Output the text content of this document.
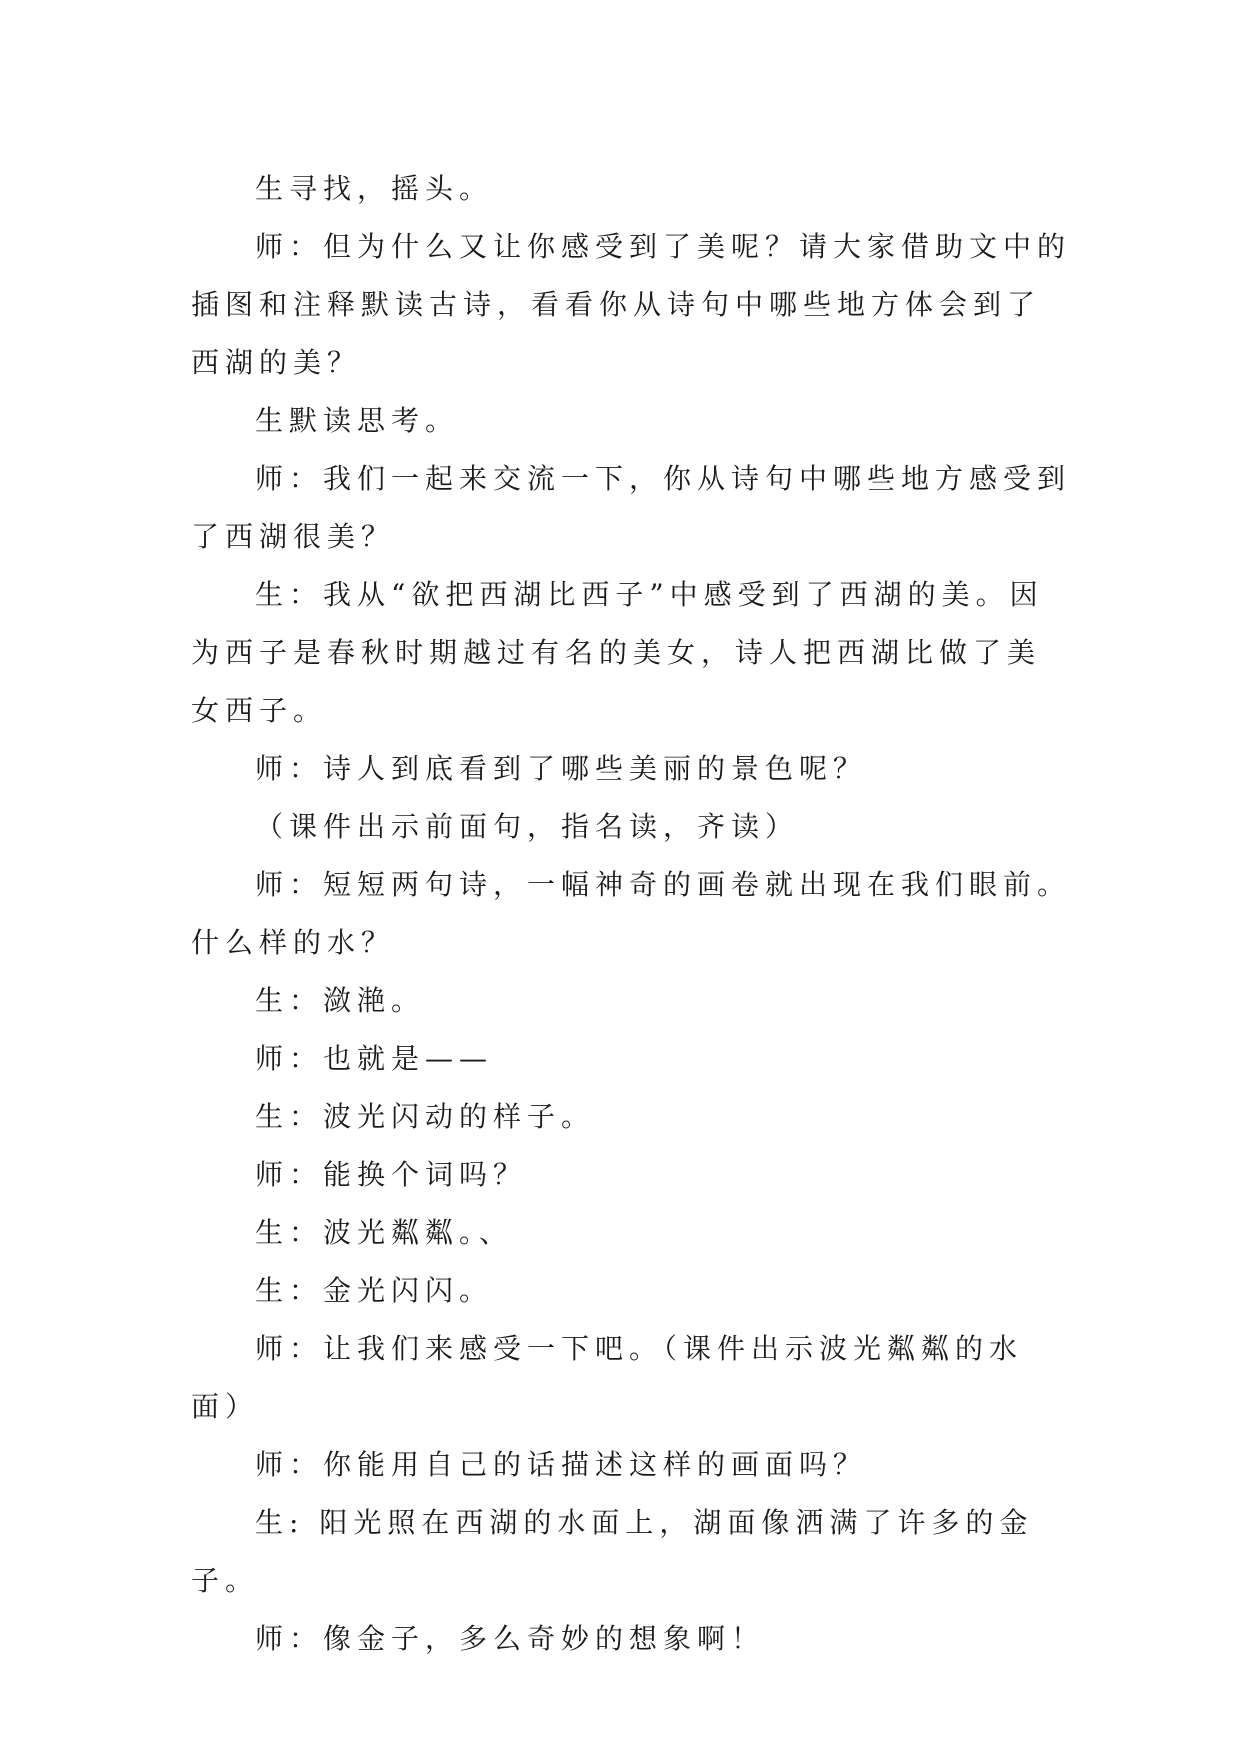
生寻找，摇头。

师：但为什么又让你感受到了美呢？请大家借助文中的插图和注释默读古诗，看看你从诗句中哪些地方体会到了西湖的美？

生默读思考。

师：我们一起来交流一下，你从诗句中哪些地方感受到了西湖很美？

生：我从“欲把西湖比西子”中感受到了西湖的美。因为西子是春秋时期越过有名的美女，诗人把西湖比做了美女西子。

师：诗人到底看到了哪些美丽的景色呢？

（课件出示前面句，指名读，齐读）

师：短短两句诗，一幅神奇的画卷就出现在我们眼前。什么样的水？

生：潋滟。

师：也就是——

生：波光闪动的样子。

师：能换个词吗？

生：波光粼粼。、

生：金光闪闪。

师：让我们来感受一下吧。（课件出示波光粼粼的水面）

师：你能用自己的话描述这样的画面吗？

生: 阳光照在西湖的水面上，湖面像洒满了许多的金子。

师：像金子，多么奇妙的想象啊！
